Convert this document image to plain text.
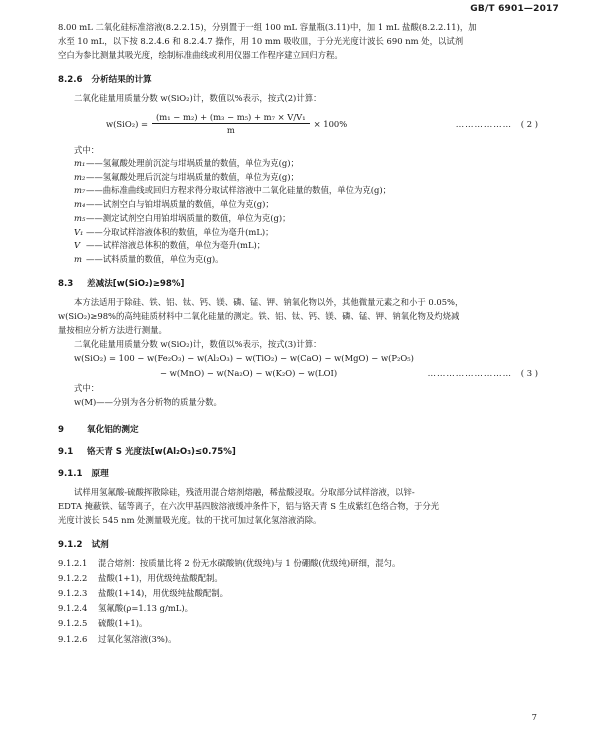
GB/T 6901—2017

8.00 mL 二氧化硅标准溶液(8.2.2.15)，分别置于一组 100 mL 容量瓶(3.11)中，加 1 mL 盐酸(8.2.2.11)，加

水至 10 mL，以下按 8.2.4.6 和 8.2.4.7 操作，用 10 mm 吸收皿，于分光光度计波长 690 nm 处，以试剂

空白为参比测量其吸光度，绘制标准曲线或利用仪器工作程序建立回归方程。

8.2.6 分析结果的计算

二氧化硅量用质量分数 w(SiO₂)计，数值以%表示，按式(2)计算：

$w(SiO_2) = \frac{\text{(m₁ − m₂) + (m₃ − m₅) + m₇ × V/V₁}}{m} \times 100\%$	………………	( 2 )

式中：

m₁——氢氟酸处理前沉淀与坩埚质量的数值，单位为克(g)；

m₂——氢氟酸处理后沉淀与坩埚质量的数值，单位为克(g)；

m₇——曲标准曲线或回归方程求得分取试样溶液中二氧化硅量的数值，单位为克(g)；

m₄——试剂空白与铂坩埚质量的数值，单位为克(g)；

m₅——测定试剂空白用铂坩埚质量的数值，单位为克(g)；

V₁ ——分取试样溶液体积的数值，单位为毫升(mL)；

V ——试样溶液总体积的数值，单位为毫升(mL)；

m ——试料质量的数值，单位为克(g)。

8.3 差减法[w(SiO₂)≥98%]

本方法适用于除硅、铁、铝、钛、钙、镁、磷、锰、钾、钠氧化物以外，其他微量元素之和小于 0.05%，

w(SiO₂)≥98%的高纯硅质材料中二氧化硅量的测定。铁、铝、钛、钙、镁、磷、锰、钾、钠氧化物及灼烧减

量按相应分析方法进行测量。

二氧化硅量用质量分数 w(SiO₂)计，数值以%表示，按式(3)计算：

w(SiO₂) = 100 − w(Fe₂O₃) − w(Al₂O₃) − w(TiO₂) − w(CaO) − w(MgO) − w(P₂O₅)

− w(MnO) − w(Na₂O) − w(K₂O) − w(LOI)	………………………	( 3 )

式中：

w(M)——分别为各分析物的质量分数。

9	氧化铝的测定
9.1 铬天青 S 光度法[w(Al₂O₃)≤0.75%]
9.1.1 原理

试样用氢氟酸-硫酸挥散除硅，残渣用混合熔剂熔融，稀盐酸浸取。分取部分试样溶液，以锌-

EDTA 掩蔽铁、锰等离子，在六次甲基四胺溶液缓冲条件下，铝与铬天青 S 生成紫红色络合物，于分光

光度计波长 545 nm 处测量吸光度。钛的干扰可加过氧化氢溶液消除。

9.1.2 试剂

9.1.2.1 混合熔剂：按质量比将 2 份无水碳酸钠(优级纯)与 1 份硼酸(优级纯)研细，混匀。

9.1.2.2 盐酸(1+1)，用优级纯盐酸配制。

9.1.2.3 盐酸(1+14)，用优级纯盐酸配制。

9.1.2.4 氢氟酸(ρ=1.13 g/mL)。

9.1.2.5 硫酸(1+1)。

9.1.2.6 过氧化氢溶液(3%)。

7
